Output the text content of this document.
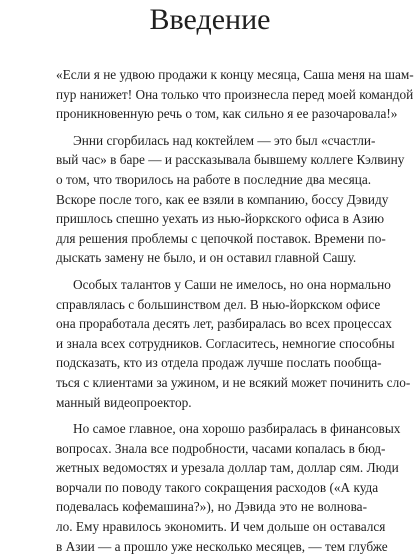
Введение
«Если я не удвою продажи к концу месяца, Саша меня на шам-
пур нанижет! Она только что произнесла перед моей командой
проникновенную речь о том, как сильно я ее разочаровала!»
Энни сгорбилась над коктейлем — это был «счастли-
вый час» в баре — и рассказывала бывшему коллеге Кэлвину
о том, что творилось на работе в последние два месяца.
Вскоре после того, как ее взяли в компанию, боссу Дэвиду
пришлось спешно уехать из нью-йоркского офиса в Азию
для решения проблемы с цепочкой поставок. Времени по-
дыскать замену не было, и он оставил главной Сашу.
Особых талантов у Саши не имелось, но она нормально
справлялась с большинством дел. В нью-йоркском офисе
она проработала десять лет, разбиралась во всех процессах
и знала всех сотрудников. Согласитесь, немногие способны
подсказать, кто из отдела продаж лучше послать пообща-
ться с клиентами за ужином, и не всякий может починить сло-
манный видеопроектор.
Но самое главное, она хорошо разбиралась в финансовых
вопросах. Знала все подробности, часами копалась в бюд-
жетных ведомостях и урезала доллар там, доллар сям. Люди
ворчали по поводу такого сокращения расходов («А куда
подевалась кофемашина?»), но Дэвида это не волнова-
ло. Ему нравилось экономить. И чем дольше он оставался
в Азии — а прошло уже несколько месяцев, — тем глубже
